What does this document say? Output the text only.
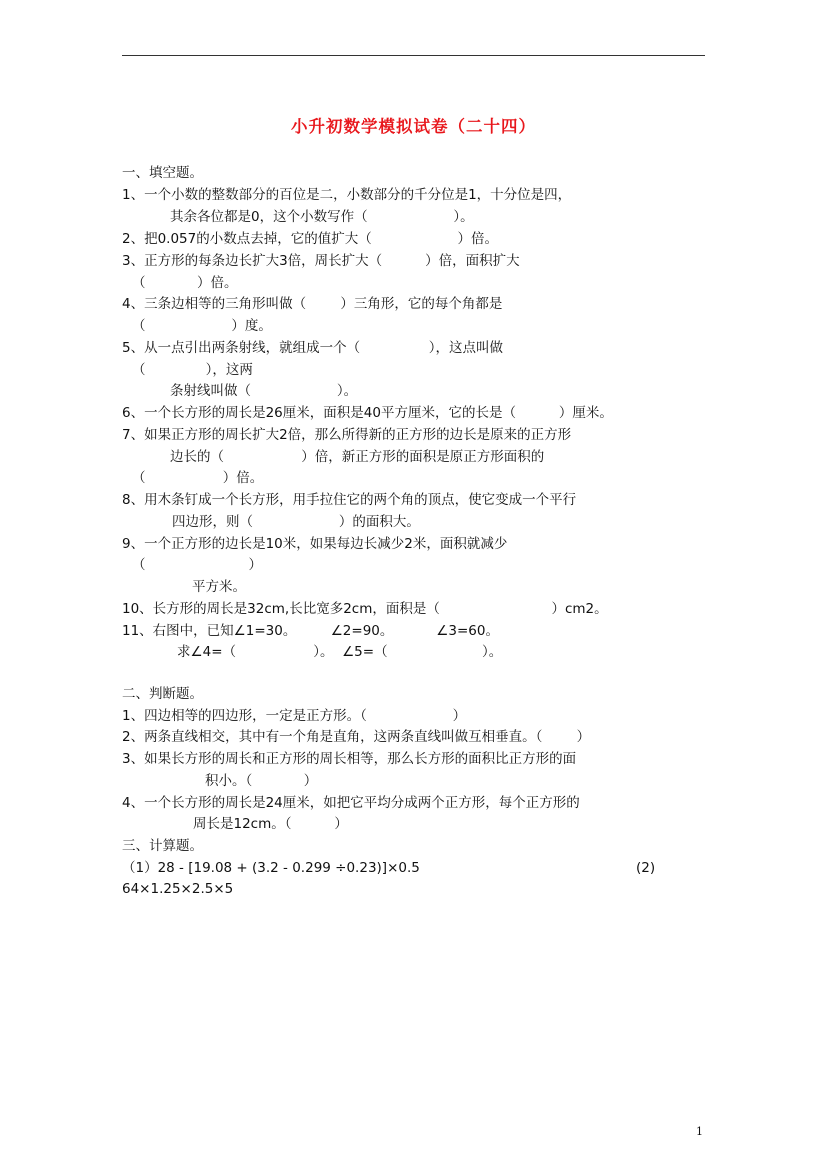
小升初数学模拟试卷（二十四）
一、填空题。
1、一个小数的整数部分的百位是二，小数部分的千分位是1，十分位是四，
其余各位都是0，这个小数写作（                    ）。
2、把0.057的小数点去掉，它的值扩大（                    ）倍。
3、正方形的每条边长扩大3倍，周长扩大（          ）倍，面积扩大
（            ）倍。
4、三条边相等的三角形叫做（        ）三角形，它的每个角都是
（                    ）度。
5、从一点引出两条射线，就组成一个（                ），这点叫做
（              ），这两
条射线叫做（                    ）。
6、一个长方形的周长是26厘米，面积是40平方厘米，它的长是（          ）厘米。
7、如果正方形的周长扩大2倍，那么所得新的正方形的边长是原来的正方形
边长的（                  ）倍，新正方形的面积是原正方形面积的
（                  ）倍。
8、用木条钉成一个长方形，用手拉住它的两个角的顶点，使它变成一个平行
四边形，则（                    ）的面积大。
9、一个正方形的边长是10米，如果每边长减少2米，面积就减少
（                        ）
平方米。
10、长方形的周长是32cm,长比宽多2cm，面积是（                          ）cm2。
11、右图中，已知∠1=30。        ∠2=90。          ∠3=60。
求∠4=（                  ）。  ∠5=（                      ）。
二、判断题。
1、四边相等的四边形，一定是正方形。（                    ）
2、两条直线相交，其中有一个角是直角，这两条直线叫做互相垂直。（        ）
3、如果长方形的周长和正方形的周长相等，那么长方形的面积比正方形的面
积小。（            ）
4、一个长方形的周长是24厘米，如把它平均分成两个正方形，每个正方形的
周长是12cm。（          ）
三、计算题。
（1）28 - [19.08 + (3.2 - 0.299 ÷0.23)]×0.5	(2)
64×1.25×2.5×5
1
